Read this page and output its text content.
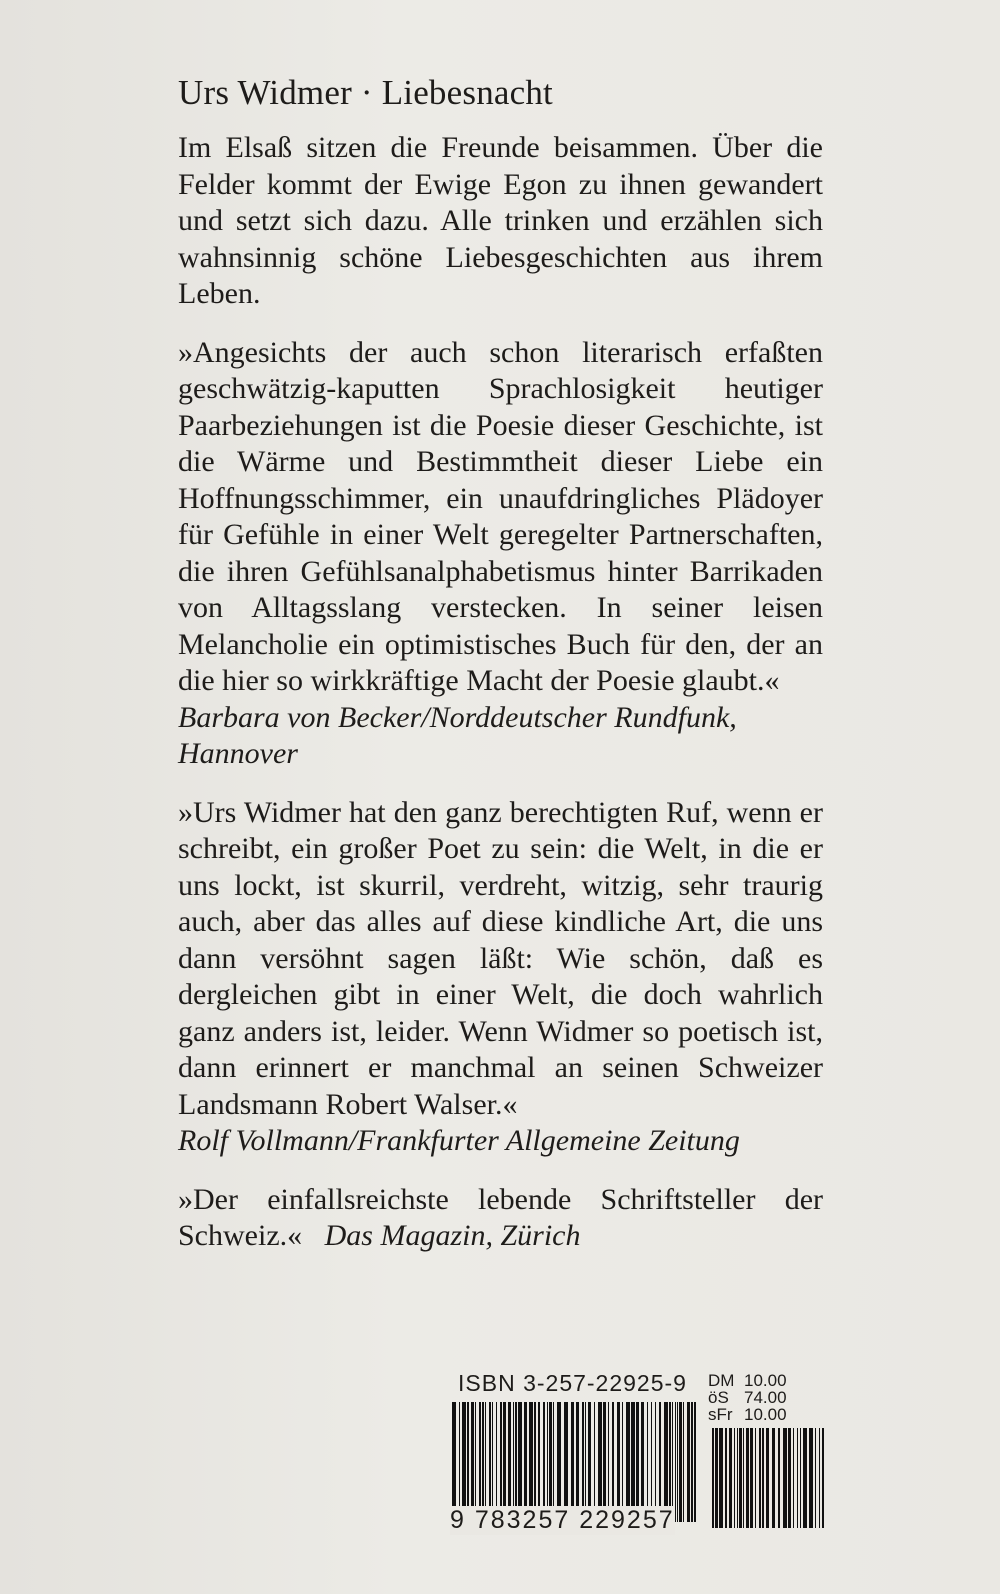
Urs Widmer · Liebesnacht

Im Elsaß sitzen die Freunde beisammen. Über die Felder kommt der Ewige Egon zu ihnen gewandert und setzt sich dazu. Alle trinken und erzählen sich wahnsinnig schöne Liebesgeschichten aus ihrem Leben.

»Angesichts der auch schon literarisch erfaßten geschwätzig-kaputten Sprachlosigkeit heutiger Paarbeziehungen ist die Poesie dieser Geschichte, ist die Wärme und Bestimmtheit dieser Liebe ein Hoffnungsschimmer, ein unaufdringliches Plädoyer für Gefühle in einer Welt geregelter Partnerschaften, die ihren Gefühlsanalphabetismus hinter Barrikaden von Alltagsslang verstecken. In seiner leisen Melancholie ein optimistisches Buch für den, der an die hier so wirkkräftige Macht der Poesie glaubt.«

Barbara von Becker/Norddeutscher Rundfunk, Hannover

»Urs Widmer hat den ganz berechtigten Ruf, wenn er schreibt, ein großer Poet zu sein: die Welt, in die er uns lockt, ist skurril, verdreht, witzig, sehr traurig auch, aber das alles auf diese kindliche Art, die uns dann versöhnt sagen läßt: Wie schön, daß es dergleichen gibt in einer Welt, die doch wahrlich ganz anders ist, leider. Wenn Widmer so poetisch ist, dann erinnert er manchmal an seinen Schweizer Landsmann Robert Walser.«

Rolf Vollmann/Frankfurter Allgemeine Zeitung

»Der einfallsreichste lebende Schriftsteller der Schweiz.« Das Magazin, Zürich

ISBN 3-257-22925-9 DM 10.00
öS 74.00
sFr 10.00
9 783257 229257
